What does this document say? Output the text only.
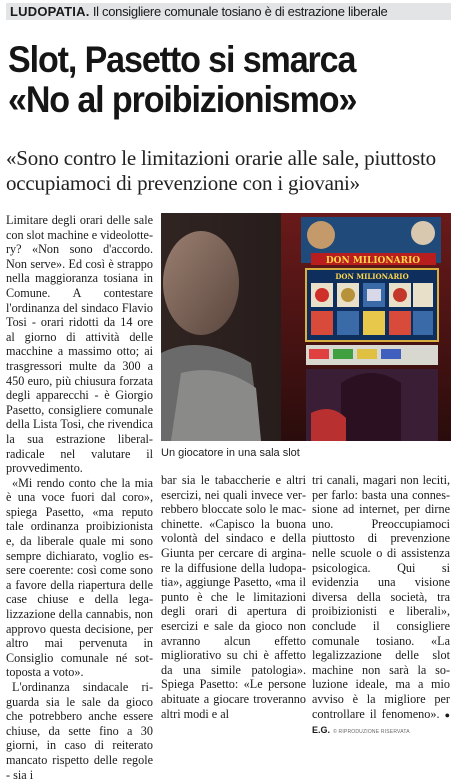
LUDOPATIA. Il consigliere comunale tosiano è di estrazione liberale
Slot, Pasetto si smarca
«No al proibizionismo»
«Sono contro le limitazioni orarie alle sale, piuttosto occupiamoci di prevenzione con i giovani»

Limitare degli orari delle sale con slot machine e videolottery? «Non sono d'accordo. Non serve». Ed così è strappo nella maggioranza tosiana in Comune. A contestare l'ordinanza del sindaco Flavio Tosi - orari ridotti da 14 ore al giorno di attività delle macchine a massimo otto; ai trasgressori multe da 300 a 450 euro, più chiusura forzata degli apparecchi - è Giorgio Pasetto, consigliere comunale della Lista Tosi, che rivendica la sua estrazione liberal-radicale nel valutare il provvedimento.

«Mi rendo conto che la mia è una voce fuori dal coro», spiega Pasetto, «ma reputo tale ordinanza proibizionista e, da liberale quale mi sono sempre dichiarato, voglio essere coerente: così come sono a favore della riapertura delle case chiuse e della legalizzazione della cannabis, non approvo questa decisione, per altro mai pervenuta in Consiglio comunale né sottoposta a voto».

L'ordinanza sindacale riguarda sia le sale da gioco che potrebbero anche essere chiuse, da sette fino a 30 giorni, in caso di reiterato mancato rispetto delle regole - sia i

DON MILIONARIO
DON MILIONARIO
Un giocatore in una sala slot

bar sia le tabaccherie e altri esercizi, nei quali invece verrebbero bloccate solo le macchinette. «Capisco la buona volontà del sindaco e della Giunta per cercare di arginare la diffusione della ludopatia», aggiunge Pasetto, «ma il punto è che le limitazioni degli orari di apertura di esercizi e sale da gioco non avranno alcun effetto migliorativo su chi è affetto da una simile patologia». Spiega Pasetto: «Le persone abituate a giocare troveranno altri modi e al

tri canali, magari non leciti, per farlo: basta una connessione ad internet, per dirne uno. Preoccupiamoci piuttosto di prevenzione nelle scuole o di assistenza psicologica. Qui si evidenzia una visione diversa della società, tra proibizionisti e liberali», conclude il consigliere comunale tosiano. «La legalizzazione delle slot machine non sarà la soluzione ideale, ma a mio avviso è la migliore per controllare il fenomeno». ● E.G. © RIPRODUZIONE RISERVATA
